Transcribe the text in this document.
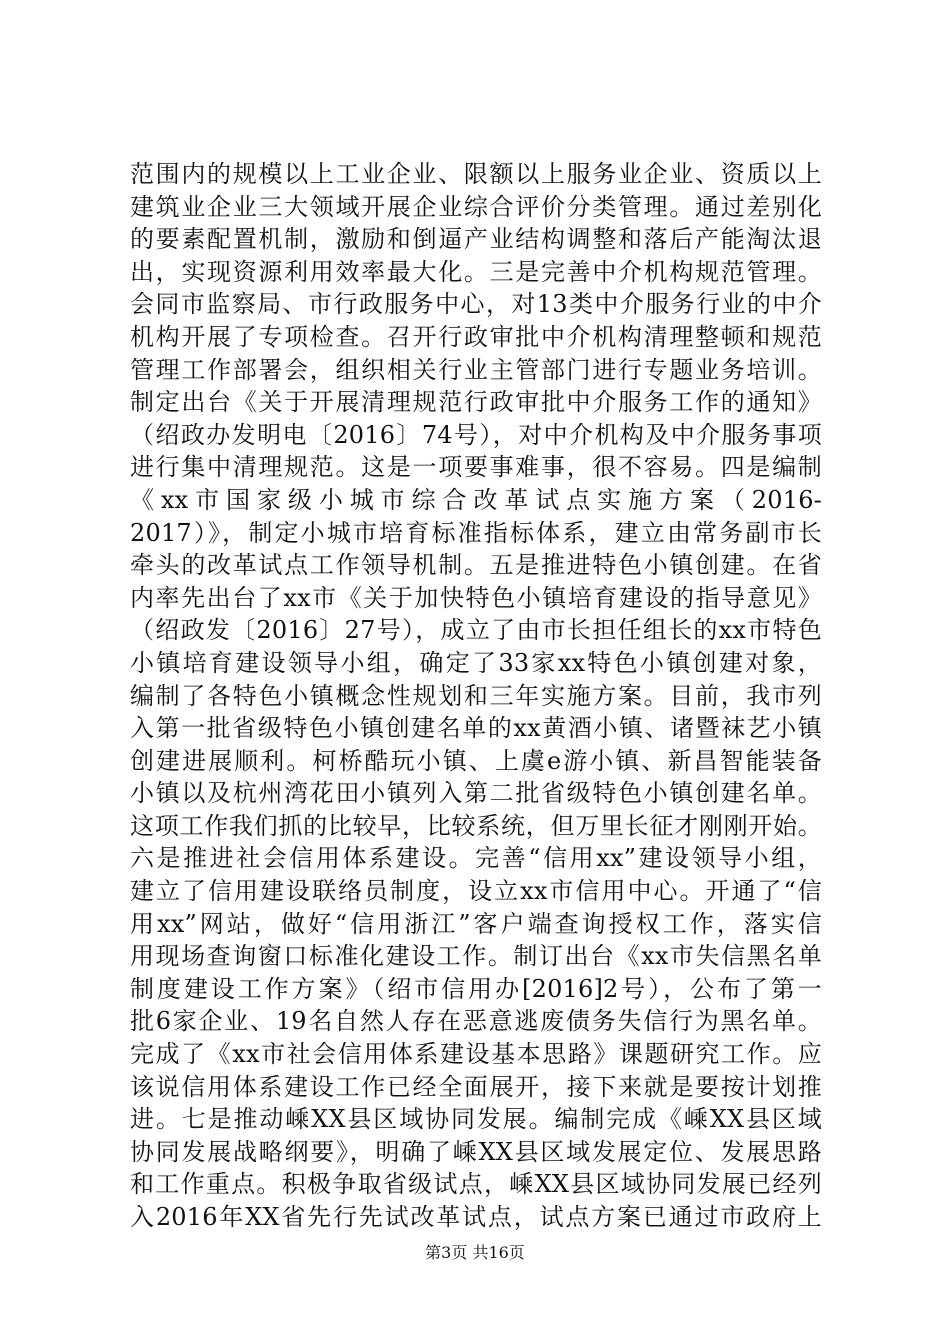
范围内的规模以上工业企业、限额以上服务业企业、资质以上
建筑业企业三大领域开展企业综合评价分类管理。通过差别化
的要素配置机制，激励和倒逼产业结构调整和落后产能淘汰退
出，实现资源利用效率最大化。三是完善中介机构规范管理。
会同市监察局、市行政服务中心，对13类中介服务行业的中介
机构开展了专项检查。召开行政审批中介机构清理整顿和规范
管理工作部署会，组织相关行业主管部门进行专题业务培训。
制定出台《关于开展清理规范行政审批中介服务工作的通知》
（绍政办发明电〔2016〕74号），对中介机构及中介服务事项
进行集中清理规范。这是一项要事难事，很不容易。四是编制
《xx市国家级小城市综合改革试点实施方案（2016-
2017）》，制定小城市培育标准指标体系，建立由常务副市长
牵头的改革试点工作领导机制。五是推进特色小镇创建。在省
内率先出台了xx市《关于加快特色小镇培育建设的指导意见》
（绍政发〔2016〕27号），成立了由市长担任组长的xx市特色
小镇培育建设领导小组，确定了33家xx特色小镇创建对象，
编制了各特色小镇概念性规划和三年实施方案。目前，我市列
入第一批省级特色小镇创建名单的xx黄酒小镇、诸暨袜艺小镇
创建进展顺利。柯桥酷玩小镇、上虞e游小镇、新昌智能装备
小镇以及杭州湾花田小镇列入第二批省级特色小镇创建名单。
这项工作我们抓的比较早，比较系统，但万里长征才刚刚开始。
六是推进社会信用体系建设。完善“信用xx”建设领导小组，
建立了信用建设联络员制度，设立xx市信用中心。开通了“信
用xx”网站，做好“信用浙江”客户端查询授权工作，落实信
用现场查询窗口标准化建设工作。制订出台《xx市失信黑名单
制度建设工作方案》（绍市信用办[2016]2号），公布了第一
批6家企业、19名自然人存在恶意逃废债务失信行为黑名单。
完成了《xx市社会信用体系建设基本思路》课题研究工作。应
该说信用体系建设工作已经全面展开，接下来就是要按计划推
进。七是推动嵊XX县区域协同发展。编制完成《嵊XX县区域
协同发展战略纲要》，明确了嵊XX县区域发展定位、发展思路
和工作重点。积极争取省级试点，嵊XX县区域协同发展已经列
入2016年XX省先行先试改革试点，试点方案已通过市政府上
第3页 共16页
